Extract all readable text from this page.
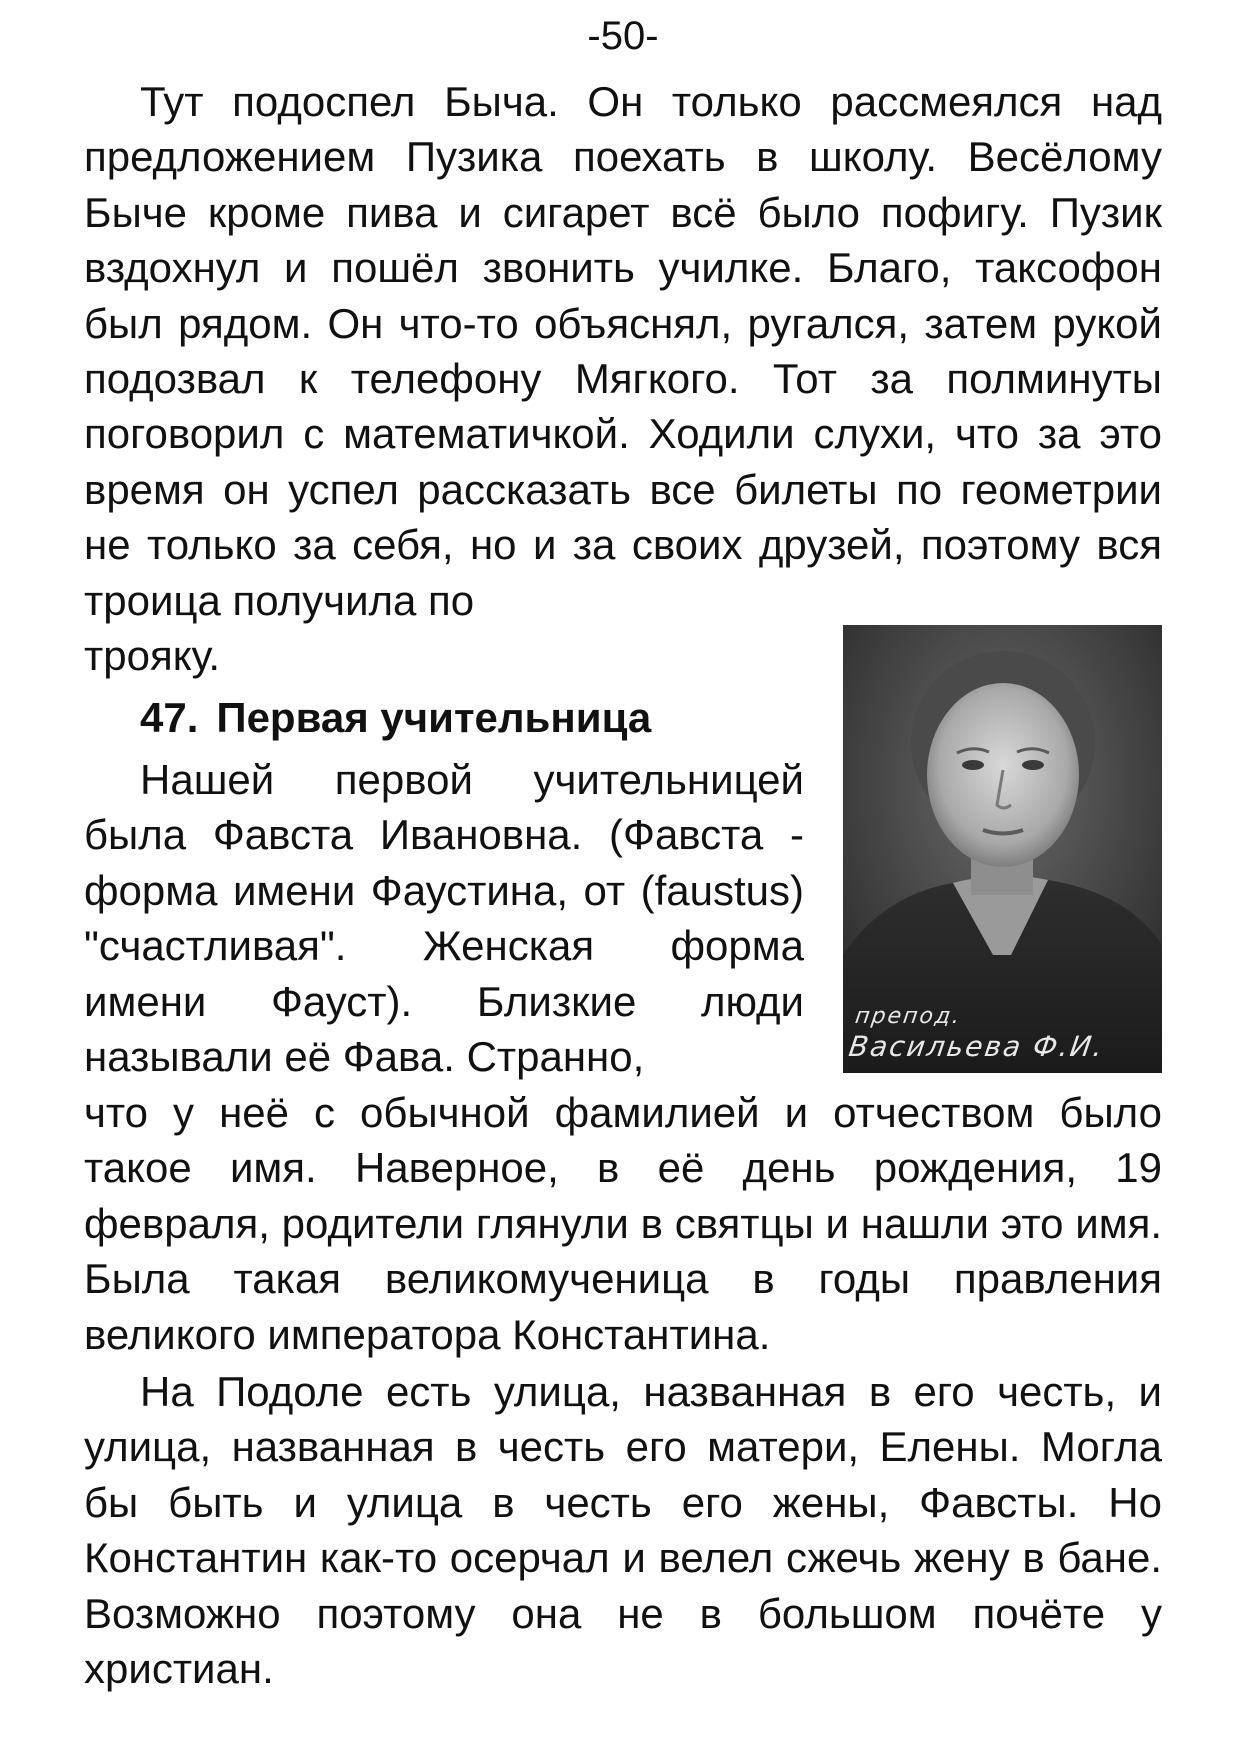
-50-

Тут подоспел Быча. Он только рассмеялся над предложением Пузика поехать в школу. Весёлому Быче кроме пива и сигарет всё было пофигу. Пузик вздохнул и пошёл звонить училке. Благо, таксофон был рядом. Он что-то объяснял, ругался, затем рукой подозвал к телефону Мягкого. Тот за полминуты поговорил с математичкой. Ходили слухи, что за это время он успел рассказать все билеты по геометрии не только за себя, но и за своих друзей, поэтому вся троица получила по

трояку.

47. Первая учительница

Нашей первой учительницей была Фавста Ивановна. (Фавста - форма имени Фаустина, от (faustus) "счастливая". Женская форма имени Фауст). Близкие люди называли её Фава. Странно,

что у неё с обычной фамилией и отчеством было такое имя. Наверное, в её день рождения, 19 февраля, родители глянули в святцы и нашли это имя. Была такая великомученица в годы правления великого императора Константина.

На Подоле есть улица, названная в его честь, и улица, названная в честь его матери, Елены. Могла бы быть и улица в честь его жены, Фавсты. Но Константин как-то осерчал и велел сжечь жену в бане. Возможно поэтому она не в большом почёте у христиан.

препод.
Васильева Ф.И.
